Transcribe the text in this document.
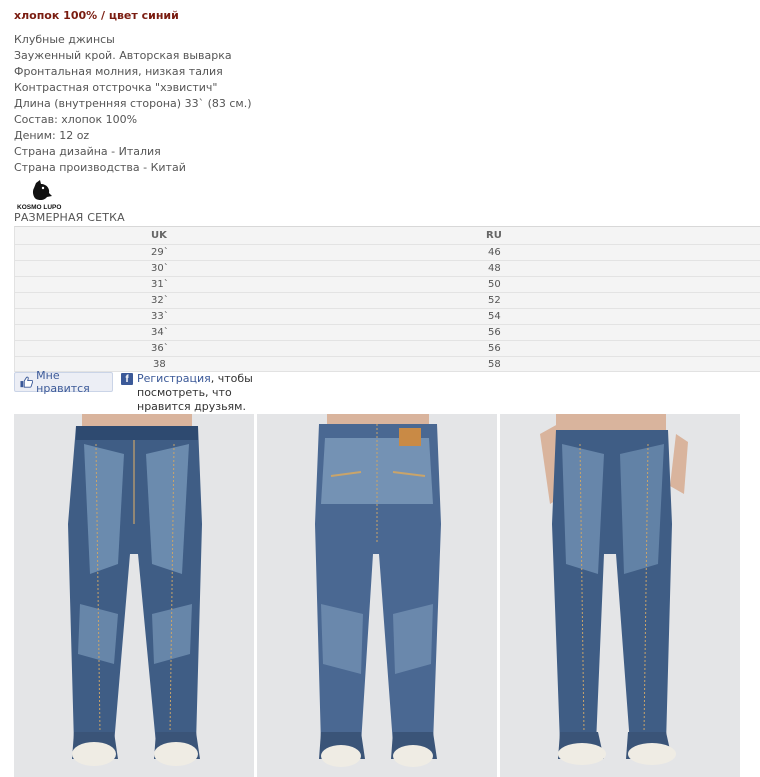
хлопок 100% / цвет синий
Клубные джинсы
Зауженный крой. Авторская выварка
Фронтальная молния, низкая талия
Контрастная отстрочка "хэвистич"
Длина (внутренняя сторона) 33` (83 см.)
Состав: хлопок 100%
Деним: 12 oz
Страна дизайна - Италия
Страна производства - Китай
KOSMO LUPO
РАЗМЕРНАЯ СЕТКА
UK	RU
29`	46
30`	48
31`	50
32`	52
33`	54
34`	56
36`	56
38	58
Мне нравится
f Регистрация, чтобы посмотреть, что нравится друзьям.
